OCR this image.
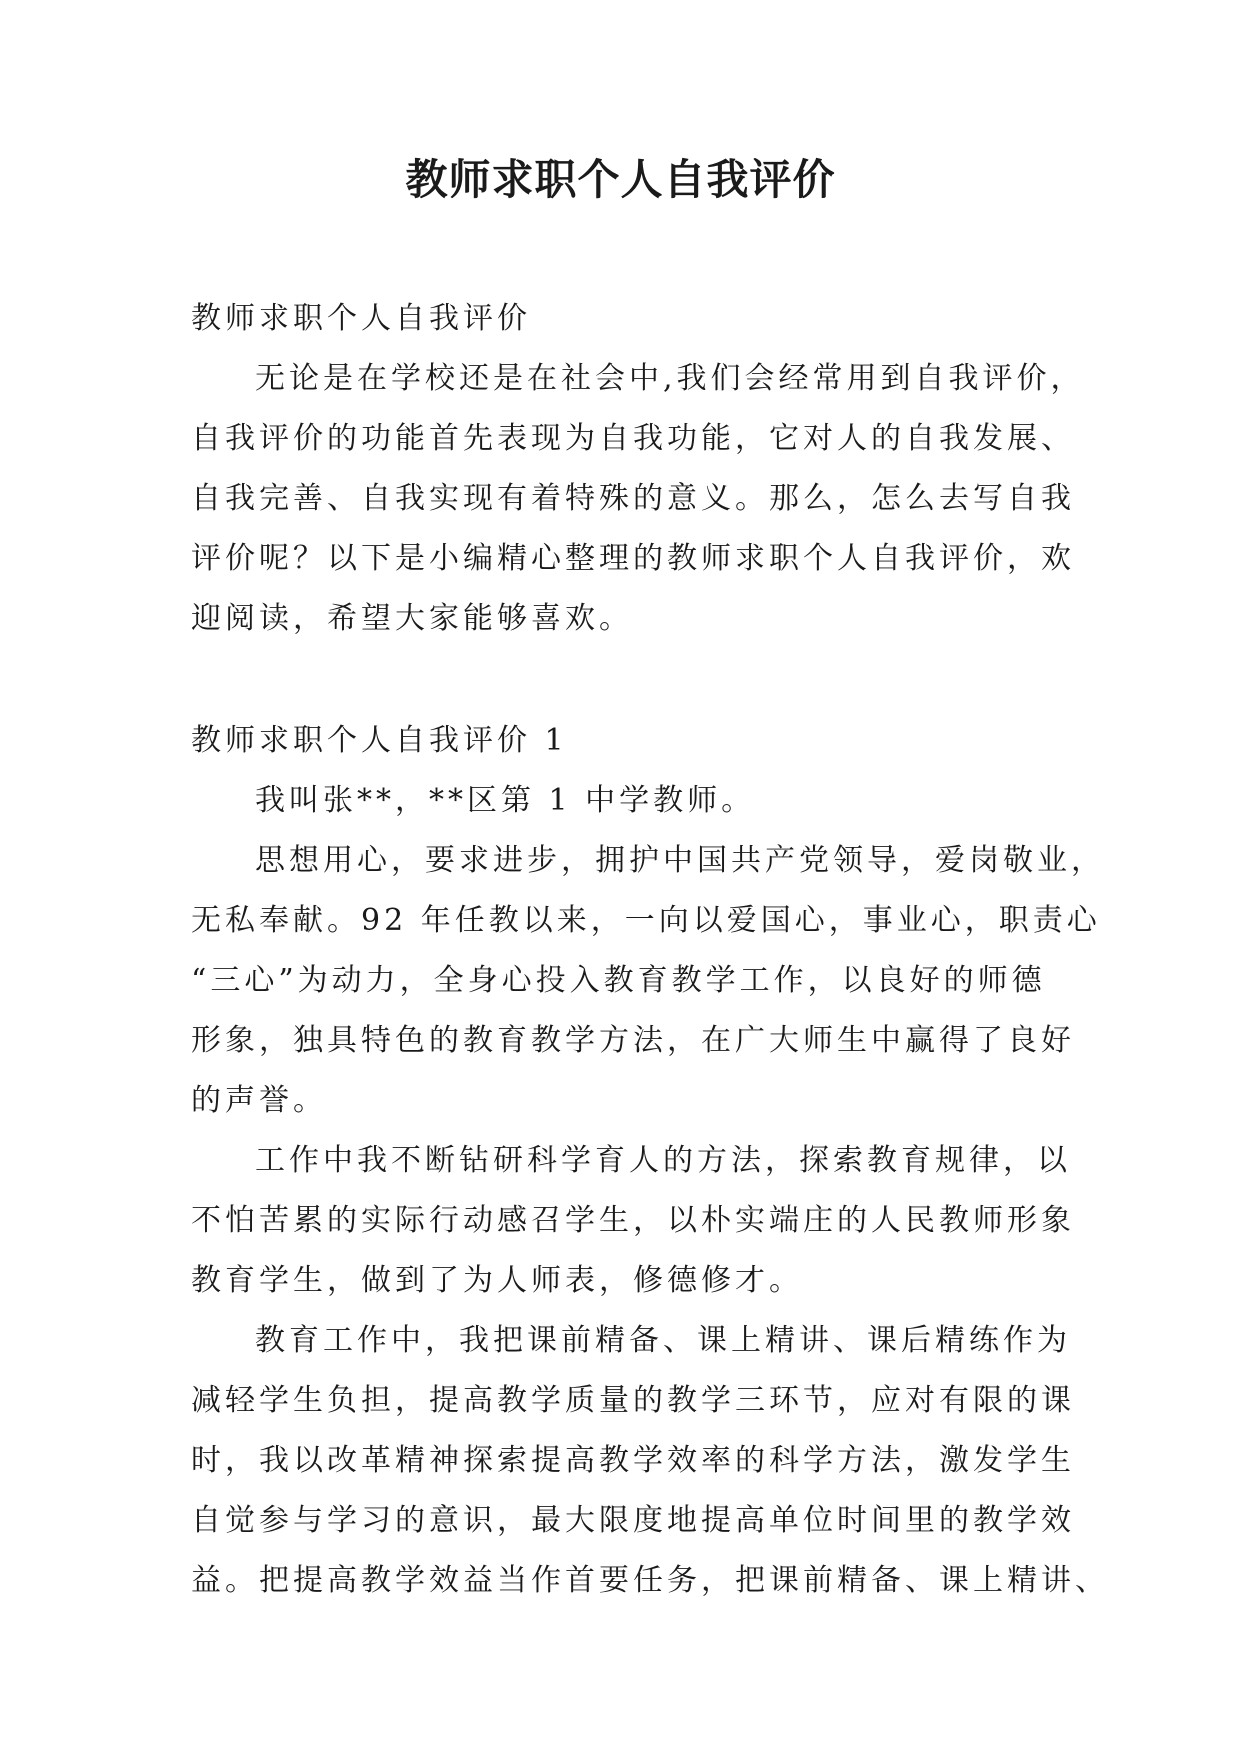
教师求职个人自我评价
教师求职个人自我评价
无论是在学校还是在社会中,我们会经常用到自我评价，
自我评价的功能首先表现为自我功能，它对人的自我发展、
自我完善、自我实现有着特殊的意义。那么，怎么去写自我
评价呢？以下是小编精心整理的教师求职个人自我评价，欢
迎阅读，希望大家能够喜欢。
教师求职个人自我评价 1
我叫张**，**区第 1 中学教师。
思想用心，要求进步，拥护中国共产党领导，爱岗敬业，
无私奉献。92 年任教以来，一向以爱国心，事业心，职责心
“三心”为动力，全身心投入教育教学工作，以良好的师德
形象，独具特色的教育教学方法，在广大师生中赢得了良好
的声誉。
工作中我不断钻研科学育人的方法，探索教育规律，以
不怕苦累的实际行动感召学生，以朴实端庄的人民教师形象
教育学生，做到了为人师表，修德修才。
教育工作中，我把课前精备、课上精讲、课后精练作为
减轻学生负担，提高教学质量的教学三环节，应对有限的课
时，我以改革精神探索提高教学效率的科学方法，激发学生
自觉参与学习的意识，最大限度地提高单位时间里的教学效
益。把提高教学效益当作首要任务，把课前精备、课上精讲、
